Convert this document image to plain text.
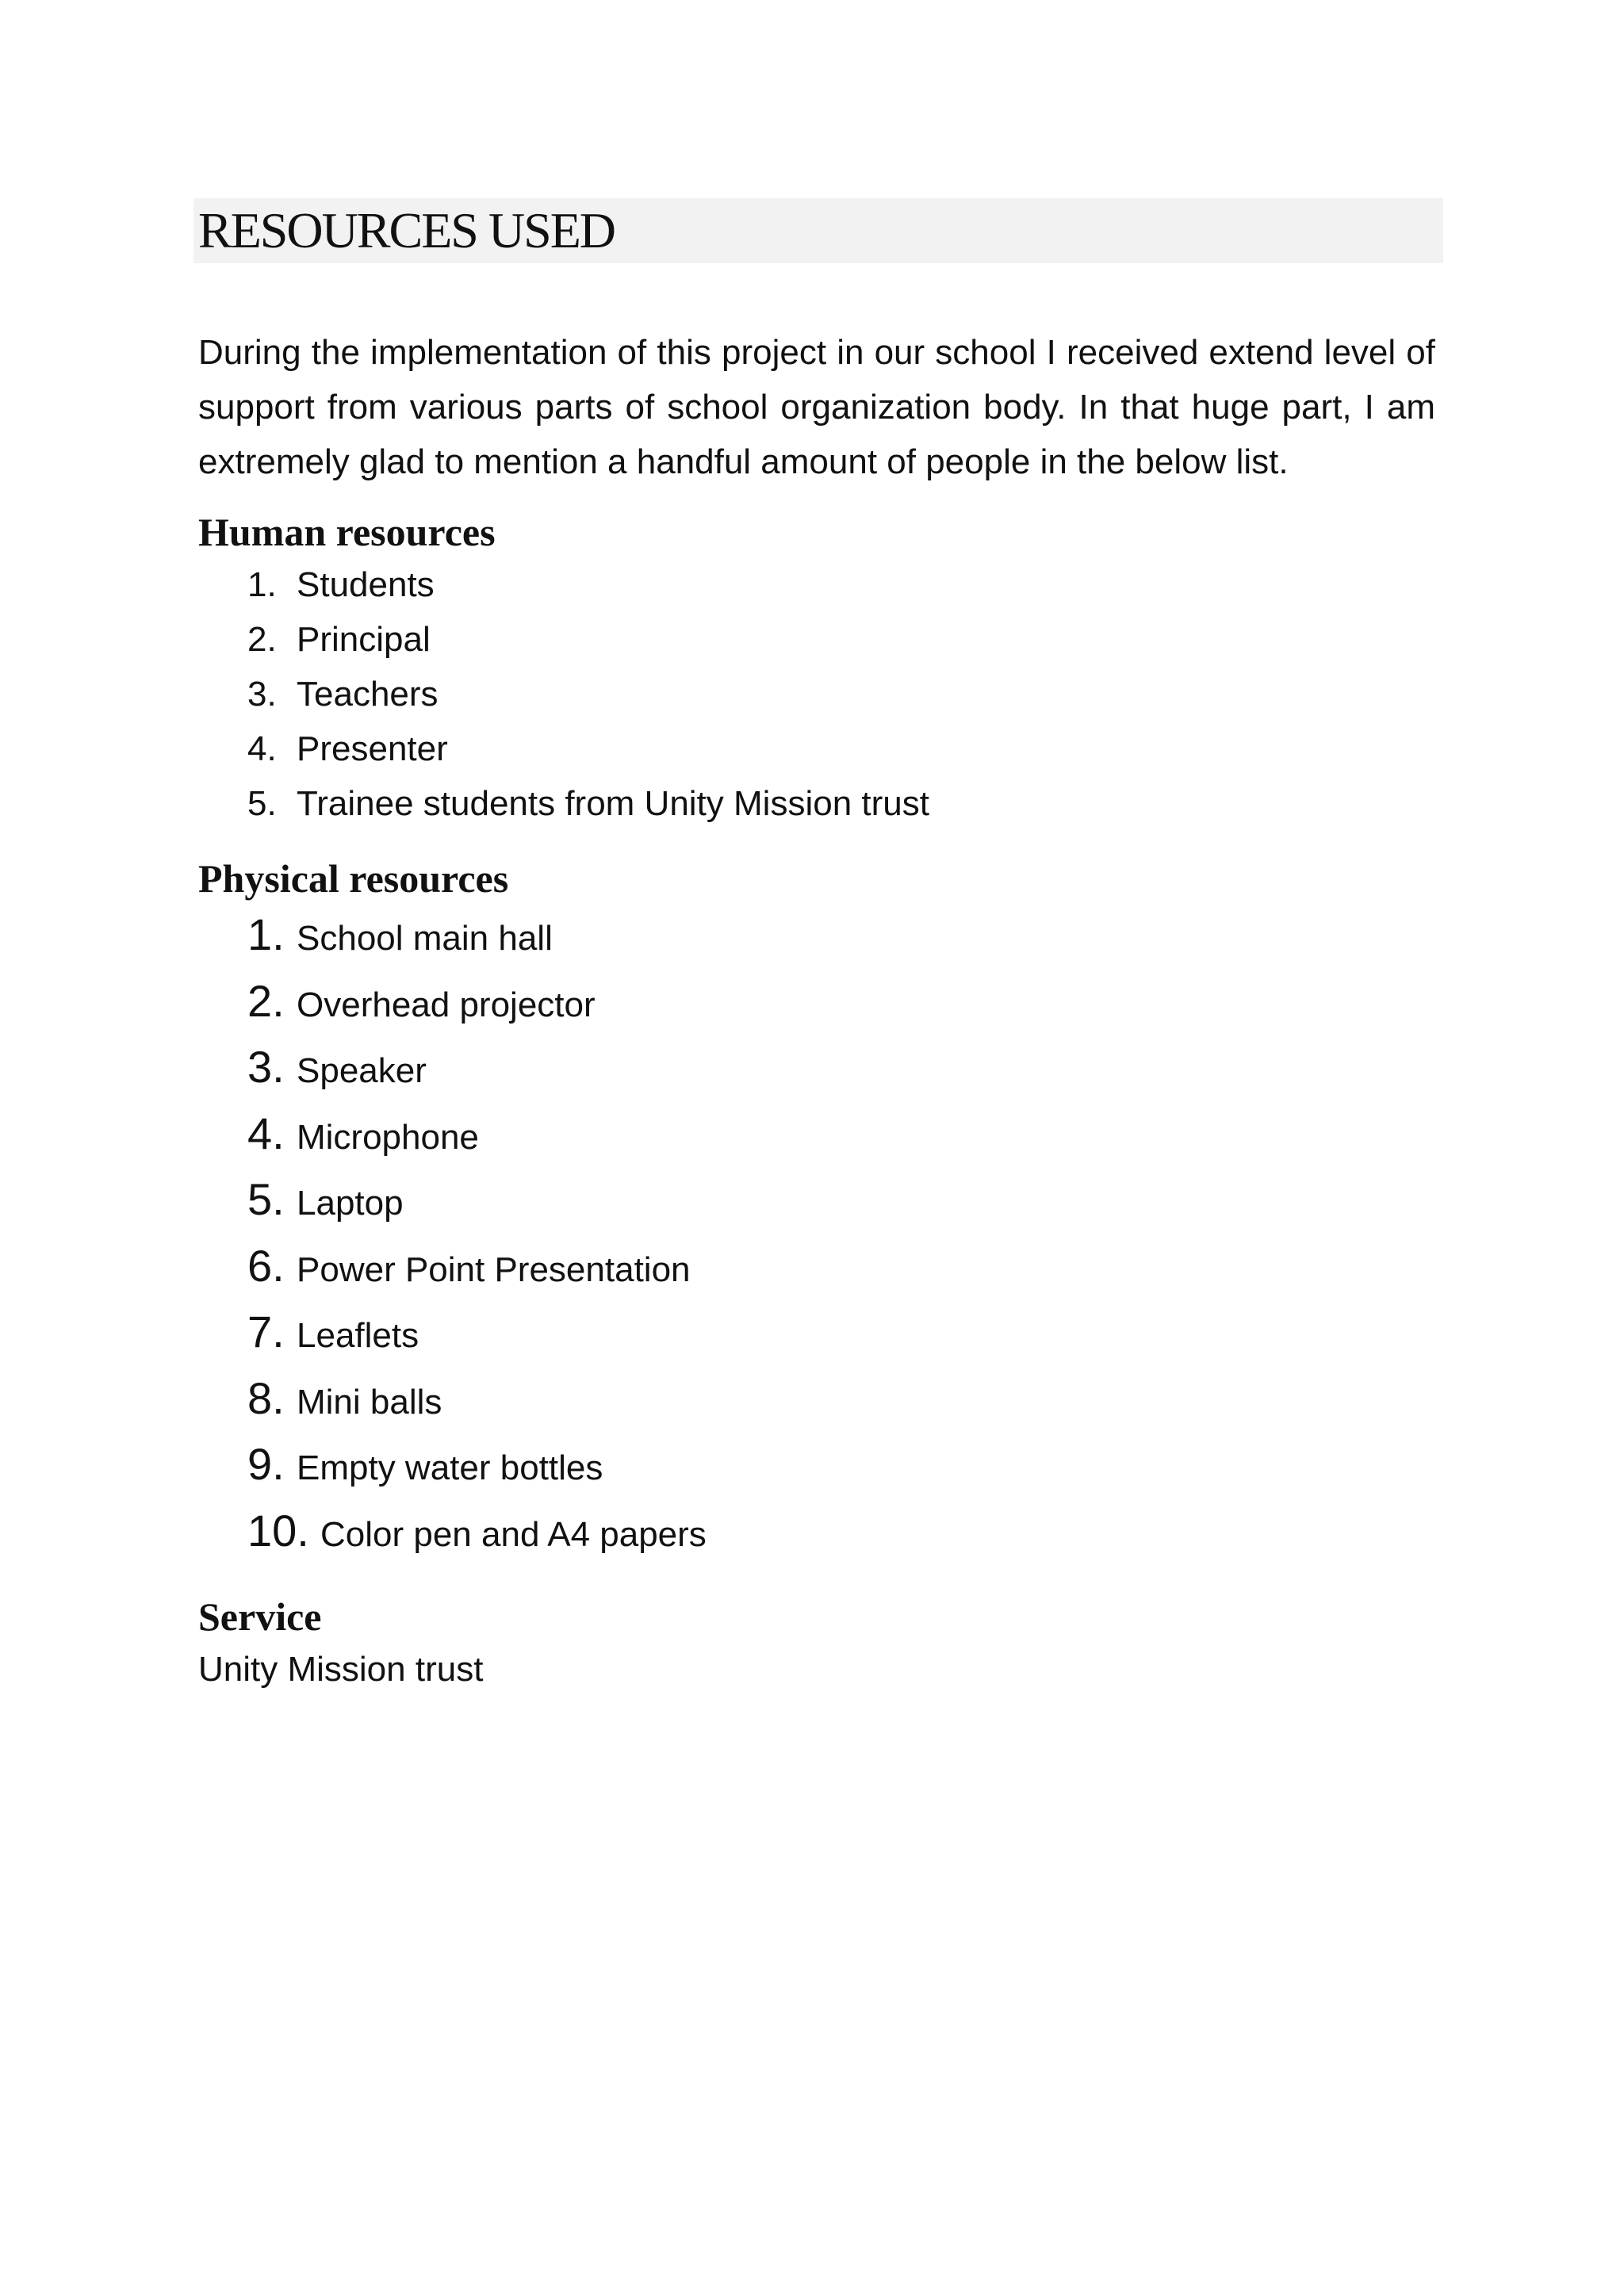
RESOURCES USED

During the implementation of this project in our school I received extend level of support from various parts of school organization body. In that huge part, I am extremely glad to mention a handful amount of people in the below list.

Human resources
1. Students
2. Principal
3. Teachers
4. Presenter
5. Trainee students from Unity Mission trust
Physical resources
1. School main hall
2. Overhead projector
3. Speaker
4. Microphone
5. Laptop
6. Power Point Presentation
7. Leaflets
8. Mini balls
9. Empty water bottles
10. Color pen and A4 papers
Service

Unity Mission trust
